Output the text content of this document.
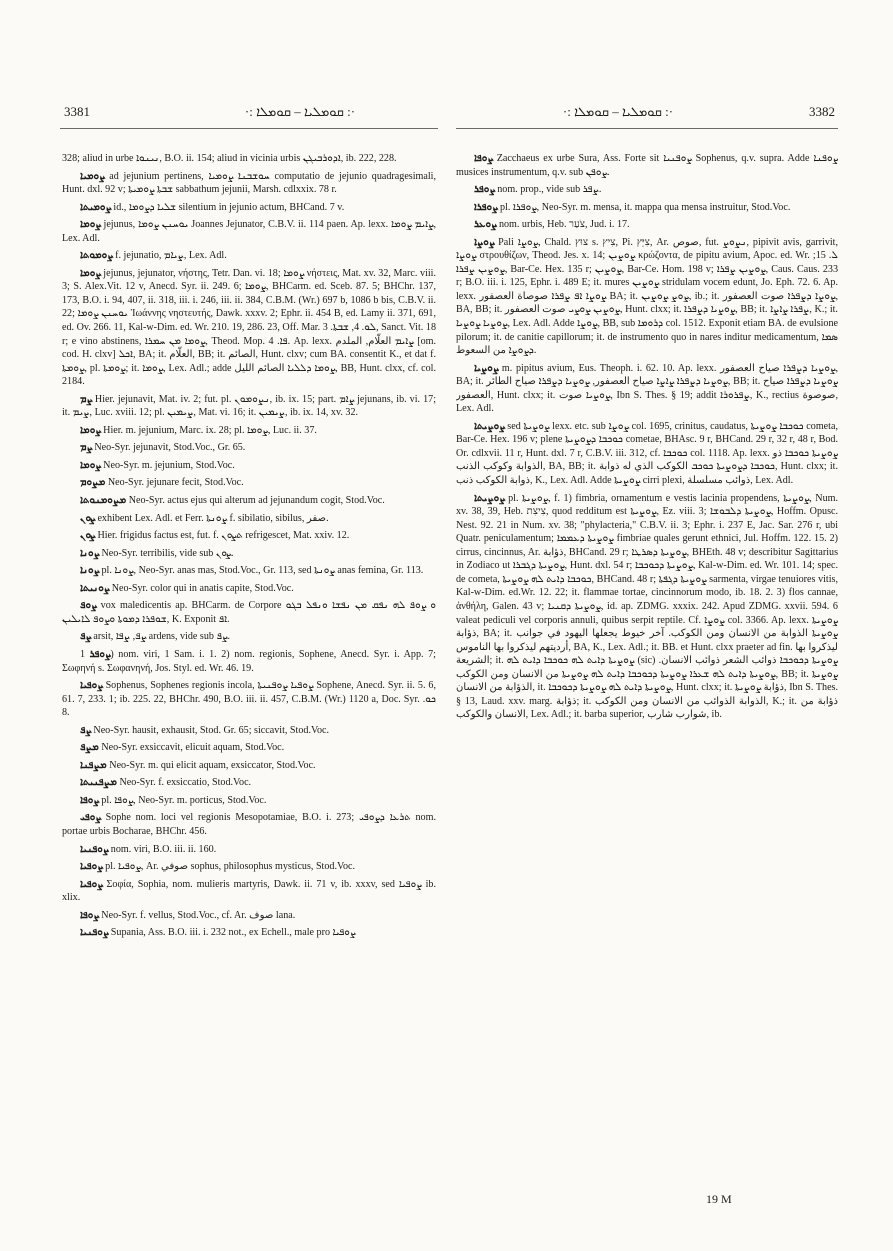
3381	·: ܩܘܡܠܝܐ – ܩܘܡܠܐ :·	·: ܩܘܡܠܝܐ – ܩܘܡܠܐ :·	3382

328; aliud in urbe ܢܝܢܘܐ, B.O. ii. 154; aliud in vicinia urbis ܐܕܘܪܒܝܓܢ, ib. 222, 228.

ܨܘܡܝܐ ad jejunium pertinens, ܚܘܫܒܢܐ ܨܘܡܝܐ computatio de jejunio quadragesimali, Hunt. dxl. 92 v; ܫܒܬܐ ܨܘܡܝܬܐ sabbathum jejunii, Marsh. cdlxxix. 78 r.

ܨܘܡܝܬܐ id., ܫܠܝܐ ܕܨܘܡܐ silentium in jejunio actum, BHCand. 7 v.

ܨܘܡܐ jejunus, ܝܘܚܢܢ ܨܘܡܐ Joannes Jejunator, C.B.V. ii. 114 paen. Ap. lexx. ܨܐܝܡ ܨܘܡܐ, Lex. Adl.

ܨܘܡܘܬܐ f. jejunatio, ܨܝܐܡ, Lex. Adl.

ܨܘܡܐ jejunus, jejunator, νήστης, Tetr. Dan. vi. 18; ܨܘܡܐ νήστεις, Mat. xv. 32, Marc. viii. 3; S. Alex.Vit. 12 v, Anecd. Syr. ii. 249. 6; ܨܘܡܐ, BHCarm. ed. Sceb. 87. 5; BHChr. 137, 173, B.O. i. 94, 407, ii. 318, iii. i. 246, iii. ii. 384, C.B.M. (Wr.) 697 b, 1086 b bis, C.B.V. ii. 22; ܝܘܚܢܢ ܨܘܡܐ Ἰωάννης νηστευτής, Dawk. xxxv. 2; Ephr. ii. 454 B, ed. Lamy ii. 371, 691, ed. Ov. 266. 11, Kal-w-Dim. ed. Wr. 210. 19, 286. 23, Off. Mar. ܠܘ. 4, ܫܒܬܐ. 3, Sanct. Vit. 18 r; e vino abstinens, ܨܘܡܐ ܡܢ ܚܡܪܐ, Theod. Mop. ܦܐ. 4. Ap. lexx. ܨܐܝܡ العلّام, الملدم [om. cod. H. clxv] ܐܟܠ, BA; it. العلّام, BB; it. الصائم, Hunt. clxv; cum BA. consentit K., et dat f. ܨܘܡܬܐ, pl. ܨܘܡܬܐ; it. ܨܘܡܐ, Lex. Adl.; adde ܨܘܡܐ ܕܠܠܝܐ الصائم الليل, BB, Hunt. clxx, cf. col. 2184.

ܨܡ Hier. jejunavit, Mat. iv. 2; fut. pl. ܢܨܘܡܘܢ, ib. ix. 15; part. ܨܐܡ jejunans, ib. vi. 17; it. ܨܝܡ, Luc. xviii. 12; pl. ܨܝܡܝܢ, Mat. vi. 16; it. ܨܝܡܝܢ, ib. ix. 14, xv. 32.

ܨܘܡܐ Hier. m. jejunium, Marc. ix. 28; pl. ܨܘܡܐ, Luc. ii. 37.

ܨܡ Neo-Syr. jejunavit, Stod.Voc., Gr. 65.

ܨܘܡܐ Neo-Syr. m. jejunium, Stod.Voc.

ܡܨܘܡ Neo-Syr. jejunare fecit, Stod.Voc.

ܡܨܘܡܢܘܬܐ Neo-Syr. actus ejus qui alterum ad jejunandum cogit, Stod.Voc.

ܨܘܢ exhibent Lex. Adl. et Ferr. ܨܘܢܬܐ f. sibilatio, sibilus, صفر.

ܨܘܢ Hier. frigidus factus est, fut. f. ܬܨܘܢ refrigescet, Mat. xxiv. 12.

ܨܘܢܐ Neo-Syr. terribilis, vide sub ܨܘܢ.

ܨܘܢܐ pl. ܨܘܢܐ, Neo-Syr. anas mas, Stod.Voc., Gr. 113, sed ܨܘܢܬܐ anas femina, Gr. 113.

ܨܘܢܝܬܐ Neo-Syr. color qui in anatis capite, Stod.Voc.

ܨܘܦ vox maledicentis ap. BHCarm. de Corpore ܘ ܨܘܦ ܠܗ ܢܦܩ ܡܢ ܢܦܫܐ ܘܢܦܠ ܒܓܘ ܫܘܦܪܐ ܕܡܘܬܐ ܘܨܘܦ ܠܐܝܠܝܢ, K. Exponit ܐܦ.

ܨܦ arsit, ܨܦ, ܨܦܐ ardens, vide sub ܨܦ.

ܨܘܦܪ 1) nom. viri, 1 Sam. i. 1. 2) nom. regionis, Sophene, Anecd. Syr. i. App. 7; Σωφηνή s. Σωφανηνή, Jos. Styl. ed. Wr. 46. 19.

ܨܘܦܝܐ Sophenus, Sophenes regionis incola, ܨܘܦܝܐ ܨܘܦܢܝܬܐ Sophene, Anecd. Syr. ii. 5. 6, 61. 7, 233. 1; ib. 225. 22, BHChr. 490, B.O. iii. ii. 457, C.B.M. (Wr.) 1120 a, Doc. Syr. ܟܘ. 8.

ܨܦ Neo-Syr. hausit, exhausit, Stod. Gr. 65; siccavit, Stod.Voc.

ܡܨܦ Neo-Syr. exsiccavit, elicuit aquam, Stod.Voc.

ܡܨܦܢܐ Neo-Syr. m. qui elicit aquam, exsiccator, Stod.Voc.

ܡܨܦܢܝܬܐ Neo-Syr. f. exsiccatio, Stod.Voc.

ܨܘܦܐ pl. ܨܘܦܐ, Neo-Syr. m. porticus, Stod.Voc.

ܨܘܦܝ Sophe nom. loci vel regionis Mesopotamiae, B.O. i. 273; ܬܪܥܐ ܕܨܘܦܝ nom. portae urbis Bocharae, BHChr. 456.

ܨܘܦܢܝܐ nom. viri, B.O. iii. ii. 160.

ܨܘܦܝܐ pl. ܨܘܦܝܐ, Ar. صوفي sophus, philosophus mysticus, Stod.Voc.

ܨܘܦܝܐ Σοφία, Sophia, nom. mulieris martyris, Dawk. ii. 71 v, ib. xxxv, sed ܨܘܦܝܐ ib. xlix.

ܨܘܦܐ Neo-Syr. f. vellus, Stod.Voc., cf. Ar. صوف lana.

ܨܘܦܢܝܐ Supania, Ass. B.O. iii. i. 232 not., ex Echell., male pro ܨܘܦܝܐ

ܨܘܦܐ Zacchaeus ex urbe Sura, Ass. Forte sit ܨܘܦܢܝܐ Sophenus, q.v. supra. Adde ܨܘܦܢܐ musices instrumentum, q.v. sub ܨܘܦܢ.

ܨܘܦܪ nom. prop., vide sub ܨܦܪ.

ܨܘܦܪܐ pl. ܨܘܦܪܐ, Neo-Syr. m. mensa, it. mappa qua mensa instruitur, Stod.Voc.

ܨܘܥܪ nom. urbis, Heb. צֹעַר, Jud. i. 17.

ܨܘܨܐ Pali ܨܘܨܐ, Chald. צוּץ s. צִיץ, Pi. צִיֵּץ, Ar. صوص, fut. ܢܨܘܨ, pipivit avis, garrivit, ܨܘܨܐ στρουθίζων, Theod. Jes. x. 14; ܨܘܨܝܢ κρώζοντα, de pipitu avium, Apoc. ed. Wr. ܠ. 15; ܨܘܨܝܢ ܨܦܪܐ, Bar-Ce. Hex. 135 r; ܨܘܨܝܢ, Bar-Ce. Hom. 198 v; ܨܘܨܝܢ ܨܦܪܐ, Caus. Caus. 233 r; B.O. iii. i. 125, Ephr. i. 489 E; it. mures ܨܘܨܝܢ stridulam vocem edunt, Jo. Eph. 72. 6. Ap. lexx. ܨܘܨܐ ܐܦ ܨܦܪܐ صوصاة العصفور BA; it. ܨܘܨ ܨܘܨܝܢ, ib.; it. ܨܘܨܐ ܕܨܦܪܐ صوت العصفور, BA, BB; it. ܨܘܨܝܢ ܨܘܨܝ صوت العصفور, Hunt. clxx; it. ܨܘܨܝܐ ܕܨܦܪܐ, BB; it. ܨܦܪܐ ܨܐܨܐ, K.; it. ܨܘܨܝܐ ܨܘܨܝܐ, Lex. Adl. Adde ܨܘܨܐ, BB, sub ܕܪܘܡܐ col. 1512. Exponit etiam BA. de evulsione pilorum; it. de canitie capillorum; it. de instrumento quo in nares inditur medicamentum, ܣܡܐ ܕܨܘܨܐ من السعوط.

ܨܘܨܝܐ m. pipitus avium, Eus. Theoph. i. 62. 10. Ap. lexx. ܨܘܨܝܐ ܕܨܦܪܐ صياح العصفور, BA; it. ܨܘܨܝܐ ܕܨܦܪܐ ܨܐܨܐ صياح العصفور, ܨܘܨܝܐ ܕܨܦܪܐ صياح الطائر, BB; it. ܨܘܨܝܐ ܕܨܦܪܐ صياح العصفور, Hunt. clxx; it. ܨܘܨܝܐ صوت, Ibn S. Thes. § 19; addit ܨܦܪܘܪܐ, K., rectius صوصوة, Lex. Adl.

ܨܘܨܝܬܐ sed ܨܘܨܝܬܐ lexx. etc. sub ܨܘܨܐ col. 1695, crinitus, caudatus, ܟܘܟܒܐ ܨܘܨܝܬܐ cometa, Bar-Ce. Hex. 196 v; plene ܟܘܟܒܐ ܕܨܘܨܝܬܐ cometae, BHAsc. 9 r, BHCand. 29 r, 32 r, 48 r, Bod. Or. cdlxvii. 11 r, Hunt. dxl. 7 r, C.B.V. iii. 312, cf. ܟܘܟܒܐ col. 1118. Ap. lexx. ܨܘܨܝܬܐ ܟܘܟܒܐ ذو الذوابة وكوكب الذنب, BA, BB; it. ܟܘܟܒܐ ܕܨܘܨܝܬܐ ܟܘܟܒ الكوكب الذي له ذوابة, Hunt. clxx; it. ذوابة الكوكب ذنب, K., Lex. Adl. Adde ܨܘܨܝܬܐ cirri plexi, ذوائب مسلسلة, Lex. Adl.

ܨܘܨܝܬܐ pl. ܨܘܨܝܬܐ, f. 1) fimbria, ornamentum e vestis lacinia propendens, ܨܘܨܝܬܐ, Num. xv. 38, 39, Heb. צִיצִת, quod redditum est ܨܘܨܝܬܐ, Ez. viii. 3; ܨܘܨܝܬܐ ܕܠܒܘܫܐ, Hoffm. Opusc. Nest. 92. 21 in Num. xv. 38; "phylacteria," C.B.V. ii. 3; Ephr. i. 237 E, Jac. Sar. 276 r, ubi Quatr. peniculamentum; ܨܘܨܝܬܐ ܕܥܡܡܐ fimbriae quales gerunt ethnici, Jul. Hoffm. 122. 15. 2) cirrus, cincinnus, Ar. ذؤابة, BHCand. 29 r; ܨܘܨܝܬܐ ܕܣܪܛܐ, BHEth. 48 v; describitur Sagittarius in Zodiaco ut ܨܘܨܝܬܐ ܕܓܒܪܐ, Hunt. dxl. 54 r; ܨܘܨܝܬܐ ܕܟܘܟܒܐ, Kal-w-Dim. ed. Wr. 101. 14; spec. de cometa, ܟܘܟܒܐ ܕܐܝܬ ܠܗ ܨܘܨܝܬܐ, BHCand. 48 r; ܨܘܨܝܬܐ ܕܓܦܬܐ sarmenta, virgae tenuiores vitis, Kal-w-Dim. ed.Wr. 12. 22; it. flammae tortae, cincinnorum modo, ib. 18. 2. 3) flos cannae, ἀνθήλη, Galen. 43 v; ܨܘܨܝܬܐ ܕܩܢܝܐ, id. ap. ZDMG. xxxix. 242. Apud ZDMG. xxvii. 594. 6 valeat pediculi vel corporis annuli, quibus serpit reptile. Cf. ܨܘܨܐ col. 3366. Ap. lexx. ܨܘܨܝܬܐ ذؤابة, BA; it. ܨܘܨܝܬܐ الذوابة من الانسان ومن الكوكب. آخر خيوط يجعلها اليهود في جوانب أرديتهم ليذكروا بها الناموس, BA, K., Lex. Adl.; it. BB. et Hunt. clxx praeter ad fin. ليذكروا بها الشريعة; it. ܨܘܨܝܬܐ ܕܐܝܬ ܠܗ ܟܘܟܒܐ ܕܐܝܬ ܠܗ (sic) ܨܘܨܝܬܐ ܕܟܘܟܒܐ ذوائب الشعر ذوائب الانسان. ܨܘܨܝܬܐ ܕܐܝܬ ܠܗ ܫܥܪܐ ܨܘܨܝܬܐ ܕܟܘܟܒܐ ܕܐܝܬ ܠܗ ܨܘܨܝܬܐ من الانسان ومن الكوكب, BB; it. ܨܘܨܝܬܐ الذؤابة من الانسان, it. ܨܘܨܝܬܐ ܕܐܝܬ ܠܗ ܨܘܨܝܬܐ ܕܟܘܟܒܐ, Hunt. clxx; it. ذؤابة ܨܘܨܝܬܐ, Ibn S. Thes. § 13, Laud. xxv. marg. ذؤابة; it. الذوابة الذوائب من الانسان ومن الكوكب, K.; it. ذؤابة من الانسان والكوكب, Lex. Adl.; it. barba superior, شوارب شارب, ib.

19 M
